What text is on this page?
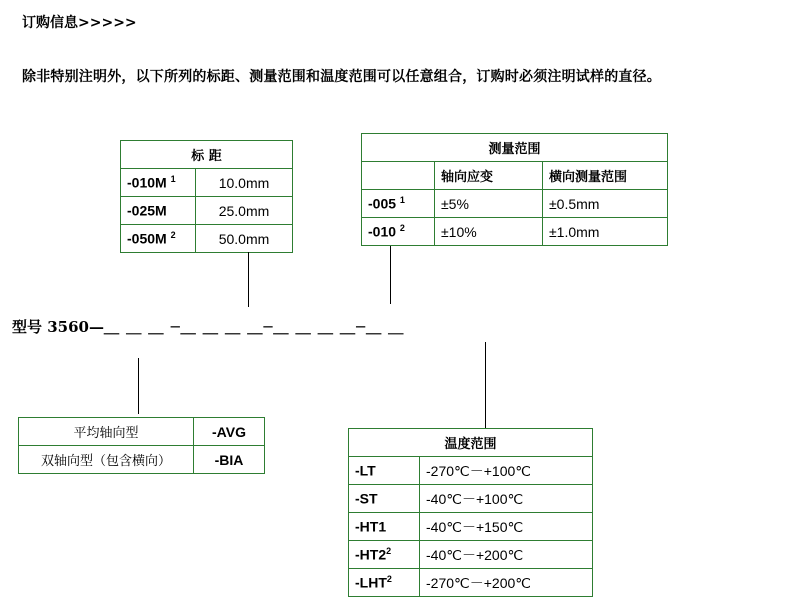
订购信息>>>>>
除非特别注明外，以下所列的标距、测量范围和温度范围可以任意组合，订购时必须注明试样的直径。
标 距	
-010M $^1$	10.0mm
-025M	25.0mm
-050M $^2$	50.0mm
测量范围		
	轴向应变	横向测量范围
-005 $^1$	±5%	±0.5mm
-010 $^2$	±10%	±1.0mm
型号 3560—＿ ＿ ＿ ─＿ ＿ ＿ ＿─＿ ＿ ＿ ＿─＿ ＿
平均轴向型	-AVG
双轴向型（包含横向）	-BIA
温度范围	
-LT	-270℃－+100℃
-ST	-40℃－+100℃
-HT1	-40℃－+150℃
$-HT2^2$	-40℃－+200℃
-LHT$^2$	-270℃－+200℃
